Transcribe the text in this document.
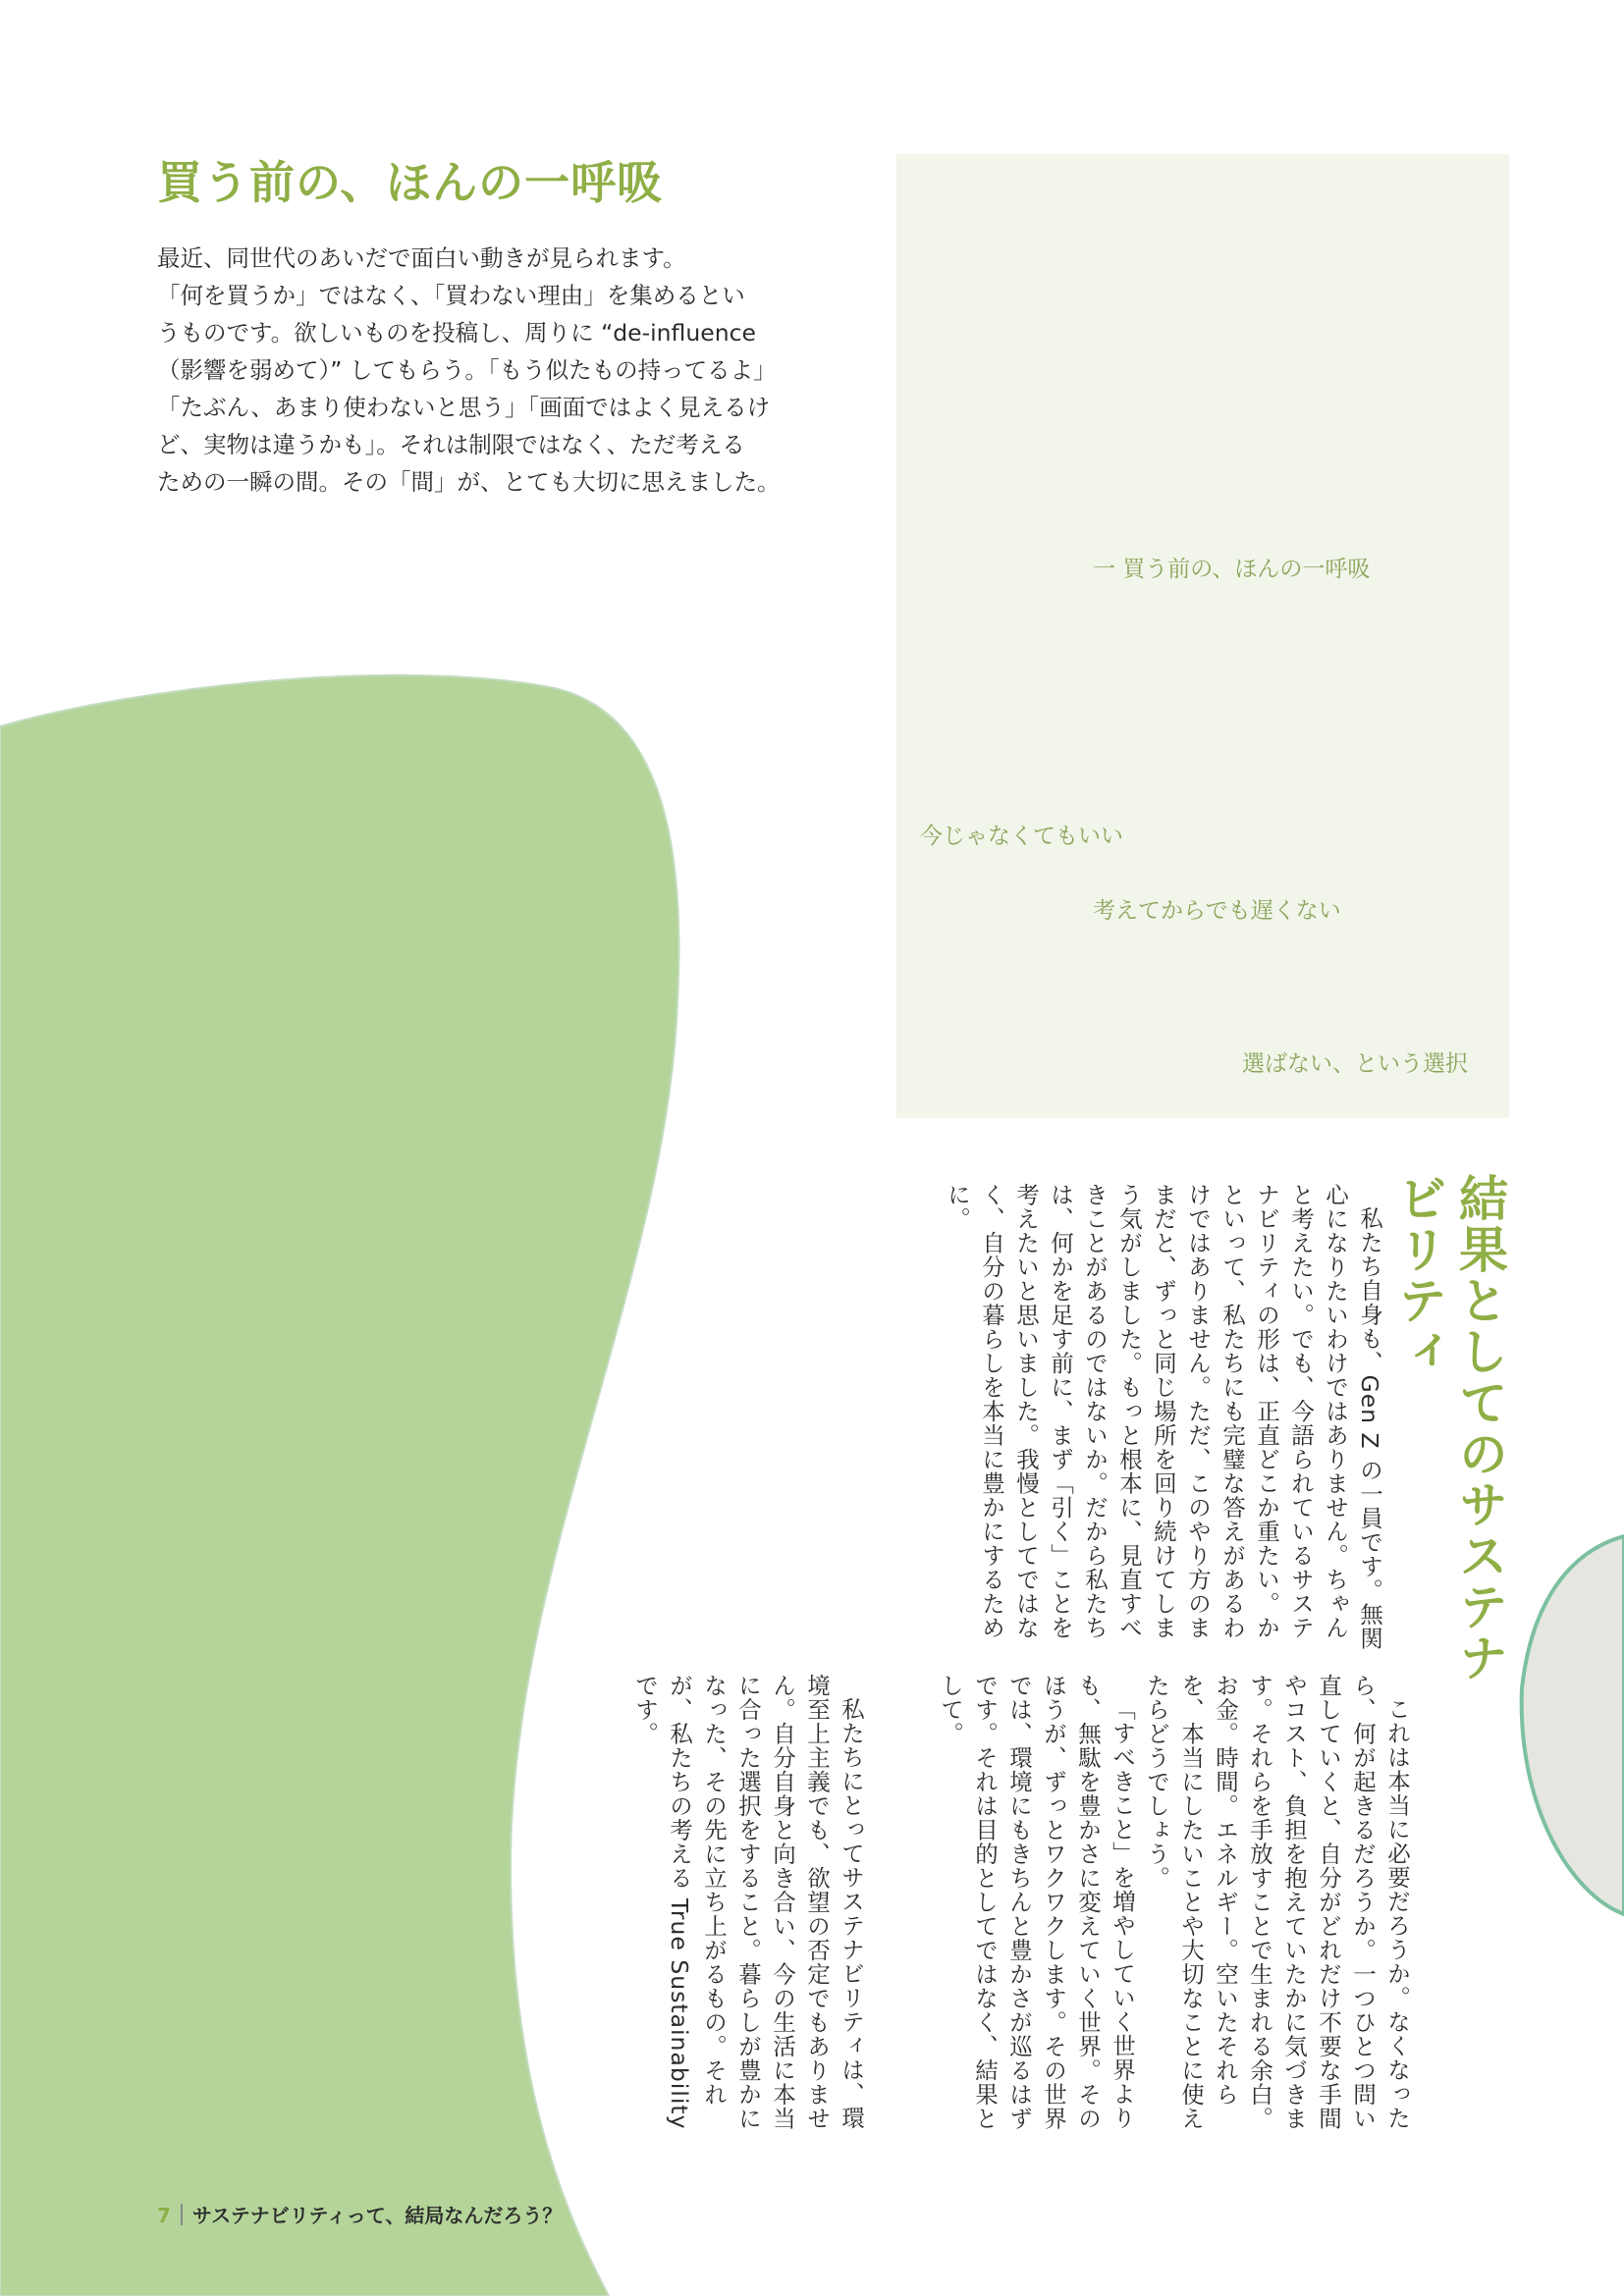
買う前の、ほんの一呼吸

最近、同世代のあいだで面白い動きが見られます。

「何を買うか」ではなく、「買わない理由」を集めるとい

うものです。欲しいものを投稿し、周りに “de-influence

（影響を弱めて）” してもらう。「もう似たもの持ってるよ」

「たぶん、あまり使わないと思う」「画面ではよく見えるけ

ど、実物は違うかも」。それは制限ではなく、ただ考える

ための一瞬の間。その「間」が、とても大切に思えました。

一 買う前の、ほんの一呼吸
今じゃなくてもいい
考えてからでも遅くない
選ばない、という選択
結果としてのサステナビリティ

私たち自身も、Gen Z の一員です。無関心になりたいわけではありません。ちゃんと考えたい。でも、今語られているサステナビリティの形は、正直どこか重たい。かといって、私たちにも完璧な答えがあるわけではありません。ただ、このやり方のままだと、ずっと同じ場所を回り続けてしまう気がしました。もっと根本に、見直すべきことがあるのではないか。だから私たちは、何かを足す前に、まず「引く」ことを考えたいと思いました。我慢としてではなく、自分の暮らしを本当に豊かにするために。

これは本当に必要だろうか。なくなったら、何が起きるだろうか。一つひとつ問い直していくと、自分がどれだけ不要な手間やコスト、負担を抱えていたかに気づきます。それらを手放すことで生まれる余白。お金。時間。エネルギー。空いたそれらを、本当にしたいことや大切なことに使えたらどうでしょう。

「すべきこと」を増やしていく世界よりも、無駄を豊かさに変えていく世界。そのほうが、ずっとワクワクします。その世界では、環境にもきちんと豊かさが巡るはずです。それは目的としてではなく、結果として。

私たちにとってサステナビリティは、環境至上主義でも、欲望の否定でもありません。自分自身と向き合い、今の生活に本当に合った選択をすること。暮らしが豊かになった、その先に立ち上がるもの。それが、私たちの考える True Sustainability です。

7 サステナビリティって、結局なんだろう？
